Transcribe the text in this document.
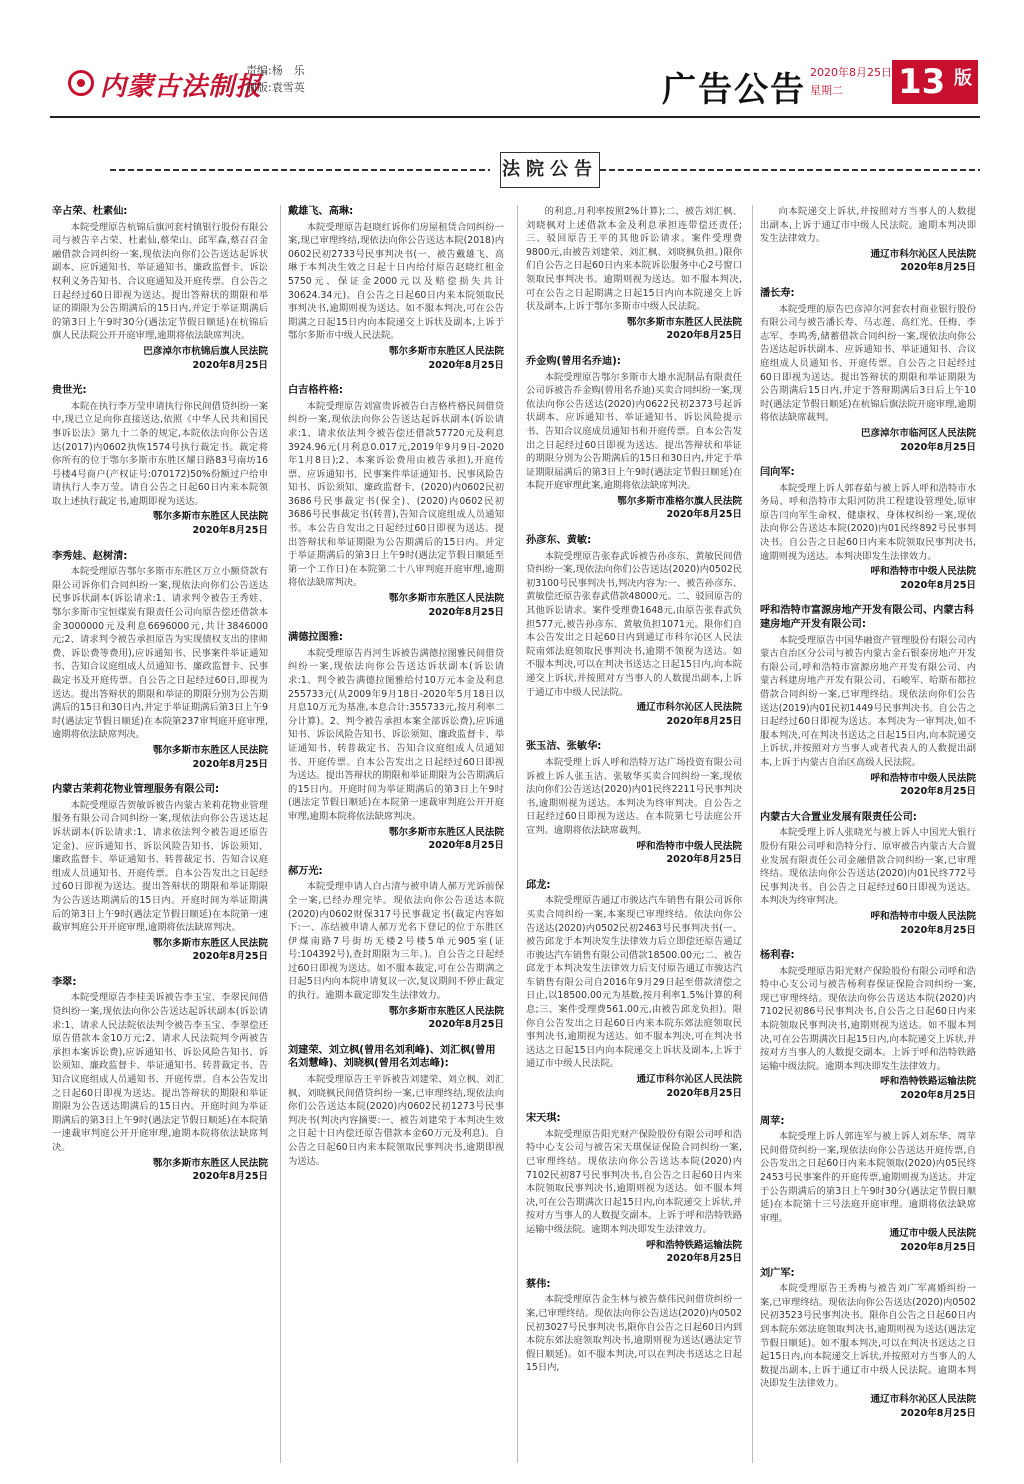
内蒙古法制报
责编:杨　乐
制版:袁雪英	广告公告 2020年8月25日
星期二	13 版
法院公告
辛占荣、杜素仙:
本院受理原告杭锦后旗河套村镇银行股份有限公司与被告辛占荣、杜素仙,蔡荣山、邱军森,蔡召召金融借款合同纠纷一案,现依法向你们公告送达起诉状副本、应诉通知书、举证通知书、廉政监督卡、诉讼权利义务告知书、合议庭通知及开庭传票。自公告之日起经过60日即视为送达。提出答辩状的期限和举证的期限为公告期满后的15日内,并定于举证期满后的第3日上午9时30分(遇法定节假日顺延)在杭锦后旗人民法院公开开庭审理,逾期将依法缺席判决。
巴彦淖尔市杭锦后旗人民法院
2020年8月25日
贵世光:
本院在执行李万莹申请执行你民间借贷纠纷一案中,现已立足向你直接送达,依照《中华人民共和国民事诉讼法》第九十二条的规定,本院依法向你公告送达(2017)内0602执恢1574号执行裁定书。裁定将你所有的位于鄂尔多斯市东胜区耀日路83号南坊16号楼4号商户(产权证号:070172)50%份额过户给申请执行人李万莹。请自公告之日起60日内来本院领取上述执行裁定书,逾期即视为送达。
鄂尔多斯市东胜区人民法院
2020年8月25日
李秀娃、赵树清:
本院受理原告鄂尔多斯市东胜区万立小额贷款有限公司诉你们合同纠纷一案,现依法向你们公告送达民事诉状副本(诉讼请求:1、请求判令被告王秀娃、鄂尔多斯市宝恒煤炭有限责任公司向原告偿还借款本金3000000元及利息6696000元,共计3846000元;2、请求判令被告承担原告为实现债权支出的律师费、诉讼费等费用),应诉通知书、民事案件举证通知书、告知合议庭组成人员通知书、廉政监督卡、民事裁定书及开庭传票。自公告之日起经过60日,即视为送达。提出答辩状的期限和举证的期限分别为公告期满后的15日和30日内,并定于举证期满后第3日上午9时(遇法定节假日顺延)在本院第237审判庭开庭审理,逾期将依法缺席判决。
鄂尔多斯市东胜区人民法院
2020年8月25日
内蒙古茉莉花物业管理服务有限公司:
本院受理原告贺敏诉被告内蒙古茉莉花物业管理服务有限公司合同纠纷一案,现依法向你公告送达起诉状副本(诉讼请求:1、请求依法判令被告退还原告定金)、应诉通知书、诉讼风险告知书、诉讼须知、廉政监督卡、举证通知书、转普裁定书、告知合议庭组成人员通知书、开庭传票。自本公告发出之日起经过60日即视为送达。提出答辩状的期限和举证期限为公告送达期满后的15日内。开庭时间为举证期满后的第3日上午9时(遇法定节假日顺延)在本院第一速裁审判庭公开开庭审理,逾期将依法缺席判决。
鄂尔多斯市东胜区人民法院
2020年8月25日
李翠:
本院受理原告李桂美诉被告李玉宝、李翠民间借贷纠纷一案,现依法向你公告送达起诉状副本(诉讼请求:1、请求人民法院依法判令被告李玉宝、李翠偿还原告借款本金10万元;2、请求人民法院判令两被告承担本案诉讼费),应诉通知书、诉讼风险告知书、诉讼须知、廉政监督卡、举证通知书、转普裁定书、告知合议庭组成人员通知书、开庭传票。自本公告发出之日起60日即视为送达。提出答辩状的期限和举证期限为公告送达期满后的15日内。开庭时间为举证期满后的第3日上午9时(遇法定节假日顺延)在本院第一速裁审判庭公开开庭审理,逾期本院将依法缺席判决。
鄂尔多斯市东胜区人民法院
2020年8月25日
戴雄飞、高琳:
本院受理原告赵晓红诉你们房屋租赁合同纠纷一案,现已审理终结,现依法向你公告送达本院(2018)内0602民初2733号民事判决书(一、被告戴雄飞、高琳于本判决生效之日起十日内给付原告赵晓红租金5750元、保证金2000元以及赔偿损失共计30624.34元)。自公告之日起60日内来本院领取民事判决书,逾期则视为送达。如不服本判决,可在公告期满之日起15日内向本院递交上诉状及副本,上诉于鄂尔多斯市中级人民法院。
鄂尔多斯市东胜区人民法院
2020年8月25日
白吉格杵格:
本院受理原告刘富贵诉被告白吉格杵格民间借贷纠纷一案,现依法向你公告送达起诉状副本(诉讼请求:1、请求依法判令被告偿还借款57720元及利息3924.96元(月利息0.017元,2019年9月9日-2020年1月8日);2、本案诉讼费用由被告承担),开庭传票、应诉通知书、民事案件举证通知书、民事风险告知书、诉讼须知、廉政监督卡、(2020)内0602民初3686号民事裁定书(保全)、(2020)内0602民初3686号民事裁定书(转普),告知合议庭组成人员通知书。本公告自发出之日起经过60日即视为送达。提出答辩状和举证期限为公告期满后的15日内。并定于举证期满后的第3日上午9时(遇法定节假日顺延至第一个工作日)在本院第二十八审判庭开庭审理,逾期将依法缺席判决。
鄂尔多斯市东胜区人民法院
2020年8月25日
满德拉图雅:
本院受理原告肖河生诉被告满德拉图雅民间借贷纠纷一案,现依法向你公告送达诉状副本(诉讼请求:1、判令被告满德拉图雅给付10万元本金及利息255733元(从2009年9月18日-2020年5月18日以月息10万元为基准,本息合计:355733元,按月利率二分计算)。2、判令被告承担本案全部诉讼费),应诉通知书、诉讼风险告知书、诉讼须知、廉政监督卡、举证通知书、转普裁定书、告知合议庭组成人员通知书、开庭传票。自本公告发出之日起经过60日即视为送达。提出答辩状的期限和举证期限为公告期满后的15日内。开庭时间为举证期满后的第3日上午9时(遇法定节假日顺延)在本院第一速裁审判庭公开开庭审理,逾期本院将依法缺席判决。
鄂尔多斯市东胜区人民法院
2020年8月25日
郝万光:
本院受理申请人白占清与被申请人郝万光诉前保全一案,已经办理完毕。现依法向你公告送达本院(2020)内0602财保317号民事裁定书(裁定内容如下:一、冻结被申请人郝万光名下登记的位于东胜区伊煤南路7号街坊无楼2号楼5单元905室(证号:104392号),查封期限为三年。)。自公告之日起经过60日即视为送达。如不服本裁定,可在公告期满之日起5日内向本院申请复议一次,复议期间不停止裁定的执行。逾期本裁定即发生法律效力。
鄂尔多斯市东胜区人民法院
2020年8月25日
刘建荣、刘立枫(曾用名刘利峰)、刘汇枫(曾用名刘慧峰)、刘晓枫(曾用名刘志峰):
本院受理原告王平诉被告刘建荣、刘立枫、刘汇枫、刘晓枫民间借贷纠纷一案,已审理终结,现依法向你们公告送达本院(2020)内0602民初1273号民事判决书(判决内容摘要:一、被告刘建荣于本判决生效之日起十日内偿还原告借款本金60万元及利息)。自公告之日起60日内来本院领取民事判决书,逾期即视为送达。
的利息,月利率按照2%计算);二、被告刘汇枫、刘晓枫对上述借款本金及利息承担连带偿还责任;三、驳回原告王平的其他诉讼请求。案件受理费9800元,由被告刘建荣、刘汇枫、刘晓枫负担。)限你们自公告之日起60日内来本院诉讼服务中心2号窗口领取民事判决书。逾期则视为送达。如不服本判决,可在公告之日起期满之日起15日内向本院递交上诉状及副本,上诉于鄂尔多斯市中级人民法院。
鄂尔多斯市东胜区人民法院
2020年8月25日
乔金购(曾用名乔迪):
本院受理原告鄂尔多斯市大雄水泥制品有限责任公司诉被告乔金购(曾用名乔迪)买卖合同纠纷一案,现依法向你公告送达(2020)内0622民初2373号起诉状副本、应诉通知书、举证通知书、诉讼风险提示书、告知合议庭成员通知书和开庭传票。自本公告发出之日起经过60日即视为送达。提出答辩状和举证的期限分别为公告期满后的15日和30日内,并定于举证期限届满后的第3日上午9时(遇法定节假日顺延)在本院开庭审理此案,逾期将依法缺席判决。
鄂尔多斯市准格尔旗人民法院
2020年8月25日
孙彦东、黄敏:
本院受理原告张春武诉被告孙彦东、黄敏民间借贷纠纷一案,现依法向你们公告送达(2020)内0502民初3100号民事判决书,判决内容为:一、被告孙彦东、黄敏偿还原告张春武借款48000元。二、驳回原告的其他诉讼请求。案件受理费1648元,由原告张春武负担577元,被告孙彦东、黄敏负担1071元。限你们自本公告发出之日起60日内到通辽市科尔沁区人民法院南郊法庭领取民事判决书,逾期不领视为送达。如不服本判决,可以在判决书送达之日起15日内,向本院递交上诉状,并按照对方当事人的人数提出副本,上诉于通辽市中级人民法院。
通辽市科尔沁区人民法院
2020年8月25日
张玉洁、张敏华:
本院受理上诉人呼和浩特万达广场投资有限公司诉被上诉人张玉洁、张敏华买卖合同纠纷一案,现依法向你们公告送达(2020)内01民终2211号民事判决书,逾期则视为送达。本判决为终审判决。自公告之日起经过60日即视为送达。在本院第七号法庭公开宣判。逾期将依法缺席裁判。
呼和浩特市中级人民法院
2020年8月25日
邱龙:
本院受理原告通辽市骏达汽车销售有限公司诉你买卖合同纠纷一案,本案现已审理终结。依法向你公告送达(2020)内0502民初2463号民事判决书(一、被告邱龙于本判决发生法律效力后立即偿还原告通辽市骏达汽车销售有限公司借款18500.00元;二、被告邱龙于本判决发生法律效力后支付原告通辽市骏达汽车销售有限公司自2016年9月29日起至借款清偿之日止,以18500.00元为基数,按月利率1.5%计算的利息;三、案件受理费561.00元,由被告邱龙负担)。限你自公告发出之日起60日内来本院东郊法庭领取民事判决书,逾期视为送达。如不服本判决,可在判决书送达之日起15日内向本院递交上诉状及副本,上诉于通辽市中级人民法院。
通辽市科尔沁区人民法院
2020年8月25日
宋天琪:
本院受理原告阳光财产保险股份有限公司呼和浩特中心支公司与被告宋天琪保证保险合同纠纷一案,已审理终结。现依法向你公告送达本院(2020)内7102民初87号民事判决书,自公告之日起60日内来本院领取民事判决书,逾期则视为送达。如不服本判决,可在公告期满次日起15日内,向本院递交上诉状,并按对方当事人的人数提交副本。上诉于呼和浩特铁路运输中级法院。逾期本判决即发生法律效力。
呼和浩特铁路运输法院
2020年8月25日
蔡伟:
本院受理原告金生林与被告蔡伟民间借贷纠纷一案,已审理终结。现依法向你公告送达(2020)内0502民初3027号民事判决书,限你自公告之日起60日内到本院东郊法庭领取判决书,逾期则视为送达(遇法定节假日顺延)。如不服本判决,可以在判决书送达之日起15日内,
向本院递交上诉状,并按照对方当事人的人数提出副本,上诉于通辽市中级人民法院。逾期本判决即发生法律效力。
通辽市科尔沁区人民法院
2020年8月25日
潘长寿:
本院受理的原告巴彦淖尔河套农村商业银行股份有限公司与被告潘长寿、马志莲、高红光、任梅、李志军、李鸣秀,储蓄借款合同纠纷一案,现依法向你公告送达起诉状副本、应诉通知书、举证通知书、合议庭组成人员通知书、开庭传票。自公告之日起经过60日即视为送达。提出答辩状的期限和举证期限为公告期满后15日内,并定于答辩期满后3日后上午10时(遇法定节假日顺延)在杭锦后旗法院开庭审理,逾期将依法缺席裁判。
巴彦淖尔市临河区人民法院
2020年8月25日
闫向军:
本院受理上诉人郭春茹与被上诉人呼和浩特市水务局、呼和浩特市太阳河防洪工程建设管理处,原审原告闫向军生命权、健康权、身体权纠纷一案,现依法向你公告送达本院(2020)内01民终892号民事判决书。自公告之日起60日内来本院领取民事判决书,逾期则视为送达。本判决即发生法律效力。
呼和浩特市中级人民法院
2020年8月25日
呼和浩特市富源房地产开发有限公司、内蒙古科建房地产开发有限公司:
本院受理原告中国华融资产管理股份有限公司内蒙古自治区分公司与被告内蒙古金石银泰房地产开发有限公司,呼和浩特市富源房地产开发有限公司、内蒙古科建房地产开发有限公司、石峻军、哈斯布都拉借款合同纠纷一案,已审理终结。现依法向你们公告送达(2019)内01民初1449号民事判决书。自公告之日起经过60日即视为送达。本判决为一审判决,如不服本判决,可在判决书送达之日起15日内,向本院递交上诉状,并按照对方当事人或者代表人的人数提出副本,上诉于内蒙古自治区高级人民法院。
呼和浩特市中级人民法院
2020年8月25日
内蒙古大合置业发展有限责任公司:
本院受理上诉人张晓光与被上诉人中国光大银行股份有限公司呼和浩特分行、原审被告内蒙古大合置业发展有限责任公司金融借款合同纠纷一案,已审理终结。现依法向你公告送达(2020)内01民终772号民事判决书。自公告之日起经过60日即视为送达。本判决为终审判决。
呼和浩特市中级人民法院
2020年8月25日
杨利春:
本院受理原告阳光财产保险股份有限公司呼和浩特中心支公司与被告杨利春保证保险合同纠纷一案,现已审理终结。现依法向你公告送达本院(2020)内7102民初86号民事判决书,自公告之日起60日内来本院领取民事判决书,逾期则视为送达。如不服本判决,可在公告期满次日起15日内,向本院递交上诉状,并按对方当事人的人数提交副本。上诉于呼和浩特铁路运输中级法院。逾期本判决即发生法律效力。
呼和浩特铁路运输法院
2020年8月25日
周苹:
本院受理上诉人郭连军与被上诉人刘东华、周苹民间借贷纠纷一案,现依法向你公告送达开庭传票,自公告发出之日起60日内来本院领取(2020)内05民终2453号民事案件的开庭传票,逾期则视为送达。并定于公告期满后的第3日上午9时30分(遇法定节假日顺延)在本院第十三号法庭开庭审理。逾期将依法缺席审理。
通辽市中级人民法院
2020年8月25日
刘广军:
本院受理原告王秀梅与被告刘广军离婚纠纷一案,已审理终结。现依法向你公告送达(2020)内0502民初3523号民事判决书。限你自公告之日起60日内到本院东郊法庭领取判决书,逾期则视为送达(遇法定节假日顺延)。如不服本判决,可以在判决书送达之日起15日内,向本院递交上诉状,并按照对方当事人的人数提出副本,上诉于通辽市中级人民法院。逾期本判决即发生法律效力。
通辽市科尔沁区人民法院
2020年8月25日
